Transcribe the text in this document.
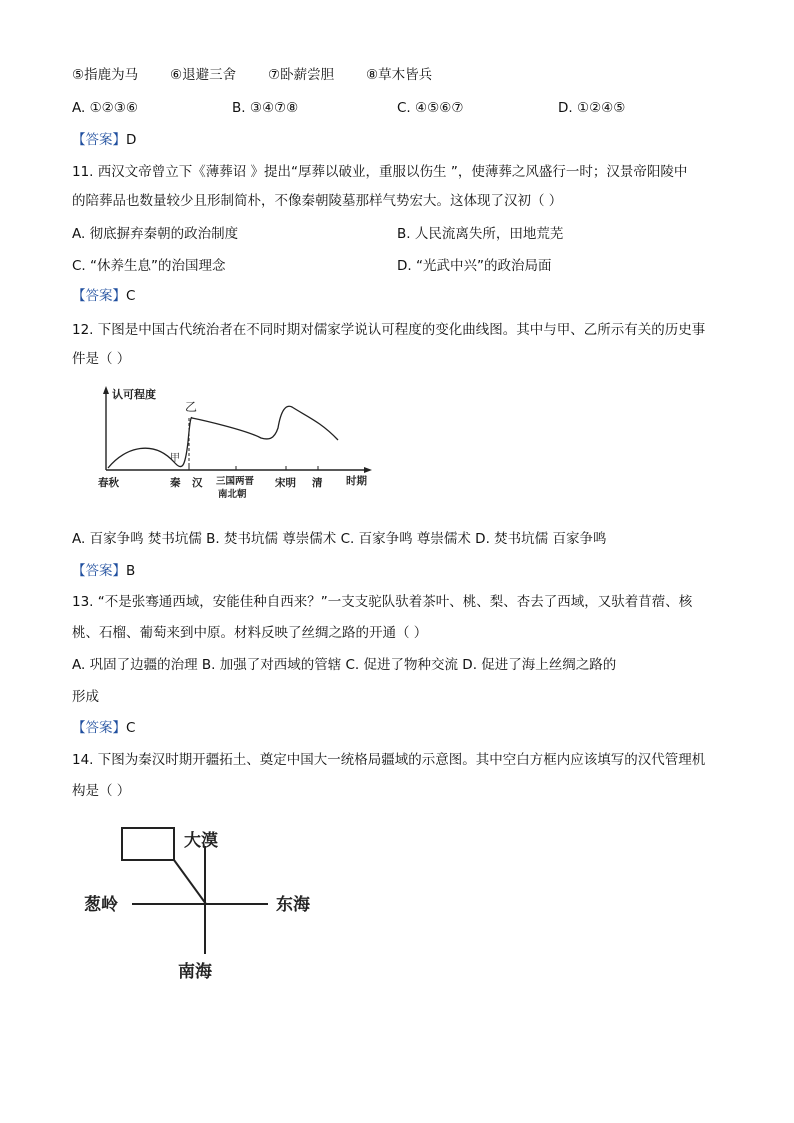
⑤指鹿为马 ⑥退避三舍 ⑦卧薪尝胆 ⑧草木皆兵
A. ①②③⑥	B. ③④⑦⑧	C. ④⑤⑥⑦	D. ①②④⑤
【答案】D
11. 西汉文帝曾立下《薄葬诏 》提出“厚葬以破业，重服以伤生 ”，使薄葬之风盛行一时；汉景帝阳陵中
的陪葬品也数量较少且形制简朴，不像秦朝陵墓那样气势宏大。这体现了汉初（ ）
A. 彻底摒弃秦朝的政治制度	B. 人民流离失所，田地荒芜
C. “休养生息”的治国理念	D. “光武中兴”的政治局面
【答案】C
12. 下图是中国古代统治者在不同时期对儒家学说认可程度的变化曲线图。其中与甲、乙所示有关的历史事
件是（ ）
认可程度
乙
甲
春秋	秦 汉 三国两晋
南北朝
宋明 清 时期
A. 百家争鸣 焚书坑儒 B. 焚书坑儒 尊崇儒术 C. 百家争鸣 尊崇儒术 D. 焚书坑儒 百家争鸣
【答案】B
13. “不是张骞通西域，安能佳种自西来？”一支支驼队驮着茶叶、桃、梨、杏去了西域，又驮着苜蓿、核
桃、石榴、葡萄来到中原。材料反映了丝绸之路的开通（ ）
A. 巩固了边疆的治理 B. 加强了对西域的管辖 C. 促进了物种交流 D. 促进了海上丝绸之路的
形成
【答案】C
14. 下图为秦汉时期开疆拓土、奠定中国大一统格局疆域的示意图。其中空白方框内应该填写的汉代管理机
构是（ ）
大漠
葱岭	东海
南海
